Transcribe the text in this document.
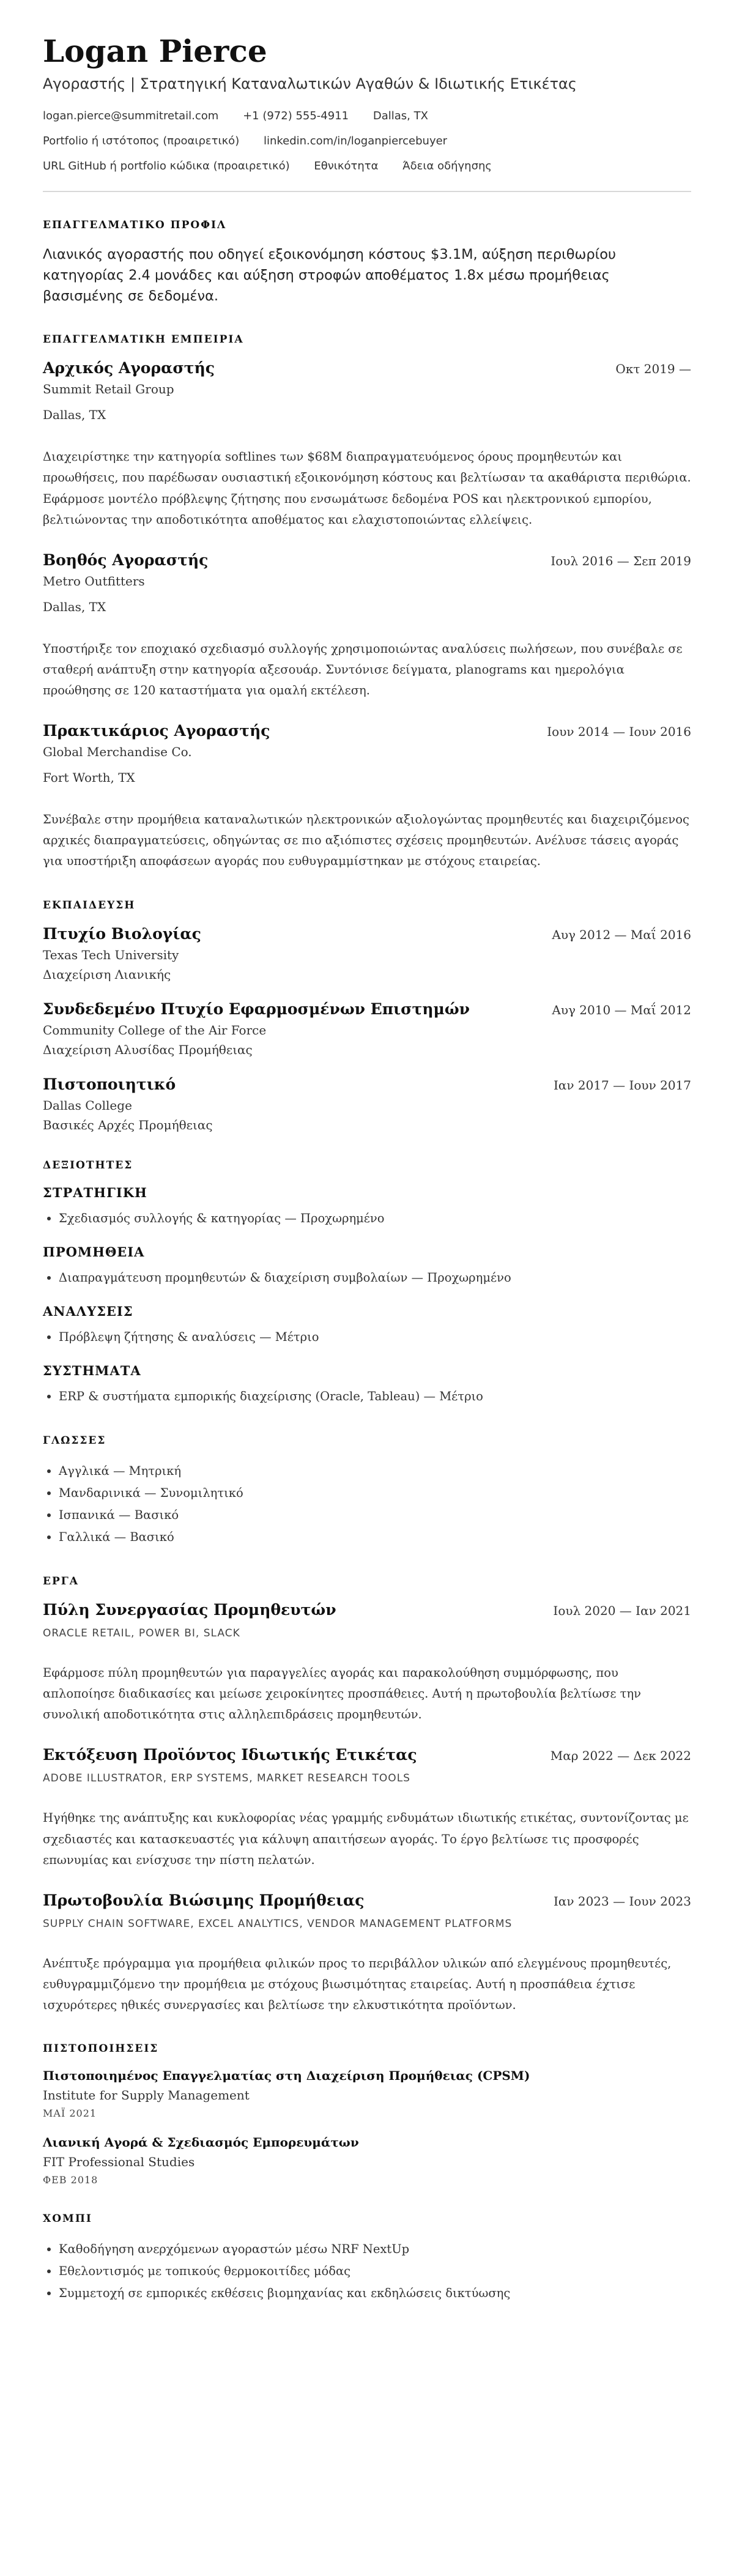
Logan Pierce
Αγοραστής | Στρατηγική Καταναλωτικών Αγαθών & Ιδιωτικής Ετικέτας
logan.pierce@summitretail.com +1 (972) 555-4911 Dallas, TX
Portfolio ή ιστότοπος (προαιρετικό) linkedin.com/in/loganpiercebuyer
URL GitHub ή portfolio κώδικα (προαιρετικό) Εθνικότητα Άδεια οδήγησης
ΕΠΑΓΓΕΛΜΑΤΙΚΟ ΠΡΟΦΙΛ
Λιανικός αγοραστής που οδηγεί εξοικονόμηση κόστους $3.1M, αύξηση περιθωρίου κατηγορίας 2.4 μονάδες και αύξηση στροφών αποθέματος 1.8x μέσω προμήθειας βασισμένης σε δεδομένα.
ΕΠΑΓΓΕΛΜΑΤΙΚΗ ΕΜΠΕΙΡΙΑ
Αρχικός Αγοραστής	Οκτ 2019 —
Summit Retail Group
Dallas, TX
Διαχειρίστηκε την κατηγορία softlines των $68M διαπραγματευόμενος όρους προμηθευτών και προωθήσεις, που παρέδωσαν ουσιαστική εξοικονόμηση κόστους και βελτίωσαν τα ακαθάριστα περιθώρια. Εφάρμοσε μοντέλο πρόβλεψης ζήτησης που ενσωμάτωσε δεδομένα POS και ηλεκτρονικού εμπορίου, βελτιώνοντας την αποδοτικότητα αποθέματος και ελαχιστοποιώντας ελλείψεις.
Βοηθός Αγοραστής	Ιουλ 2016 — Σεπ 2019
Metro Outfitters
Dallas, TX
Υποστήριξε τον εποχιακό σχεδιασμό συλλογής χρησιμοποιώντας αναλύσεις πωλήσεων, που συνέβαλε σε σταθερή ανάπτυξη στην κατηγορία αξεσουάρ. Συντόνισε δείγματα, planograms και ημερολόγια προώθησης σε 120 καταστήματα για ομαλή εκτέλεση.
Πρακτικάριος Αγοραστής	Ιουν 2014 — Ιουν 2016
Global Merchandise Co.
Fort Worth, TX
Συνέβαλε στην προμήθεια καταναλωτικών ηλεκτρονικών αξιολογώντας προμηθευτές και διαχειριζόμενος αρχικές διαπραγματεύσεις, οδηγώντας σε πιο αξιόπιστες σχέσεις προμηθευτών. Ανέλυσε τάσεις αγοράς για υποστήριξη αποφάσεων αγοράς που ευθυγραμμίστηκαν με στόχους εταιρείας.
ΕΚΠΑΙΔΕΥΣΗ
Πτυχίο Βιολογίας	Αυγ 2012 — Μαΐ 2016
Texas Tech University
Διαχείριση Λιανικής
Συνδεδεμένο Πτυχίο Εφαρμοσμένων Επιστημών	Αυγ 2010 — Μαΐ 2012
Community College of the Air Force
Διαχείριση Αλυσίδας Προμήθειας
Πιστοποιητικό	Ιαν 2017 — Ιουν 2017
Dallas College
Βασικές Αρχές Προμήθειας
ΔΕΞΙΟΤΗΤΕΣ
ΣΤΡΑΤΗΓΙΚΗ
• Σχεδιασμός συλλογής & κατηγορίας — Προχωρημένο
ΠΡΟΜΗΘΕΙΑ
• Διαπραγμάτευση προμηθευτών & διαχείριση συμβολαίων — Προχωρημένο
ΑΝΑΛΥΣΕΙΣ
• Πρόβλεψη ζήτησης & αναλύσεις — Μέτριο
ΣΥΣΤΗΜΑΤΑ
• ERP & συστήματα εμπορικής διαχείρισης (Oracle, Tableau) — Μέτριο
ΓΛΩΣΣΕΣ
• Αγγλικά — Μητρική
• Μανδαρινικά — Συνομιλητικό
• Ισπανικά — Βασικό
• Γαλλικά — Βασικό
ΕΡΓΑ
Πύλη Συνεργασίας Προμηθευτών	Ιουλ 2020 — Ιαν 2021
ORACLE RETAIL, POWER BI, SLACK
Εφάρμοσε πύλη προμηθευτών για παραγγελίες αγοράς και παρακολούθηση συμμόρφωσης, που απλοποίησε διαδικασίες και μείωσε χειροκίνητες προσπάθειες. Αυτή η πρωτοβουλία βελτίωσε την συνολική αποδοτικότητα στις αλληλεπιδράσεις προμηθευτών.
Εκτόξευση Προϊόντος Ιδιωτικής Ετικέτας	Μαρ 2022 — Δεκ 2022
ADOBE ILLUSTRATOR, ERP SYSTEMS, MARKET RESEARCH TOOLS
Ηγήθηκε της ανάπτυξης και κυκλοφορίας νέας γραμμής ενδυμάτων ιδιωτικής ετικέτας, συντονίζοντας με σχεδιαστές και κατασκευαστές για κάλυψη απαιτήσεων αγοράς. Το έργο βελτίωσε τις προσφορές επωνυμίας και ενίσχυσε την πίστη πελατών.
Πρωτοβουλία Βιώσιμης Προμήθειας	Ιαν 2023 — Ιουν 2023
SUPPLY CHAIN SOFTWARE, EXCEL ANALYTICS, VENDOR MANAGEMENT PLATFORMS
Ανέπτυξε πρόγραμμα για προμήθεια φιλικών προς το περιβάλλον υλικών από ελεγμένους προμηθευτές, ευθυγραμμιζόμενο την προμήθεια με στόχους βιωσιμότητας εταιρείας. Αυτή η προσπάθεια έχτισε ισχυρότερες ηθικές συνεργασίες και βελτίωσε την ελκυστικότητα προϊόντων.
ΠΙΣΤΟΠΟΙΗΣΕΙΣ
Πιστοποιημένος Επαγγελματίας στη Διαχείριση Προμήθειας (CPSM)
Institute for Supply Management
ΜΑΪ 2021
Λιανική Αγορά & Σχεδιασμός Εμπορευμάτων
FIT Professional Studies
ΦΕΒ 2018
ΧΟΜΠΙ
• Καθοδήγηση ανερχόμενων αγοραστών μέσω NRF NextUp
• Εθελοντισμός με τοπικούς θερμοκοιτίδες μόδας
• Συμμετοχή σε εμπορικές εκθέσεις βιομηχανίας και εκδηλώσεις δικτύωσης
